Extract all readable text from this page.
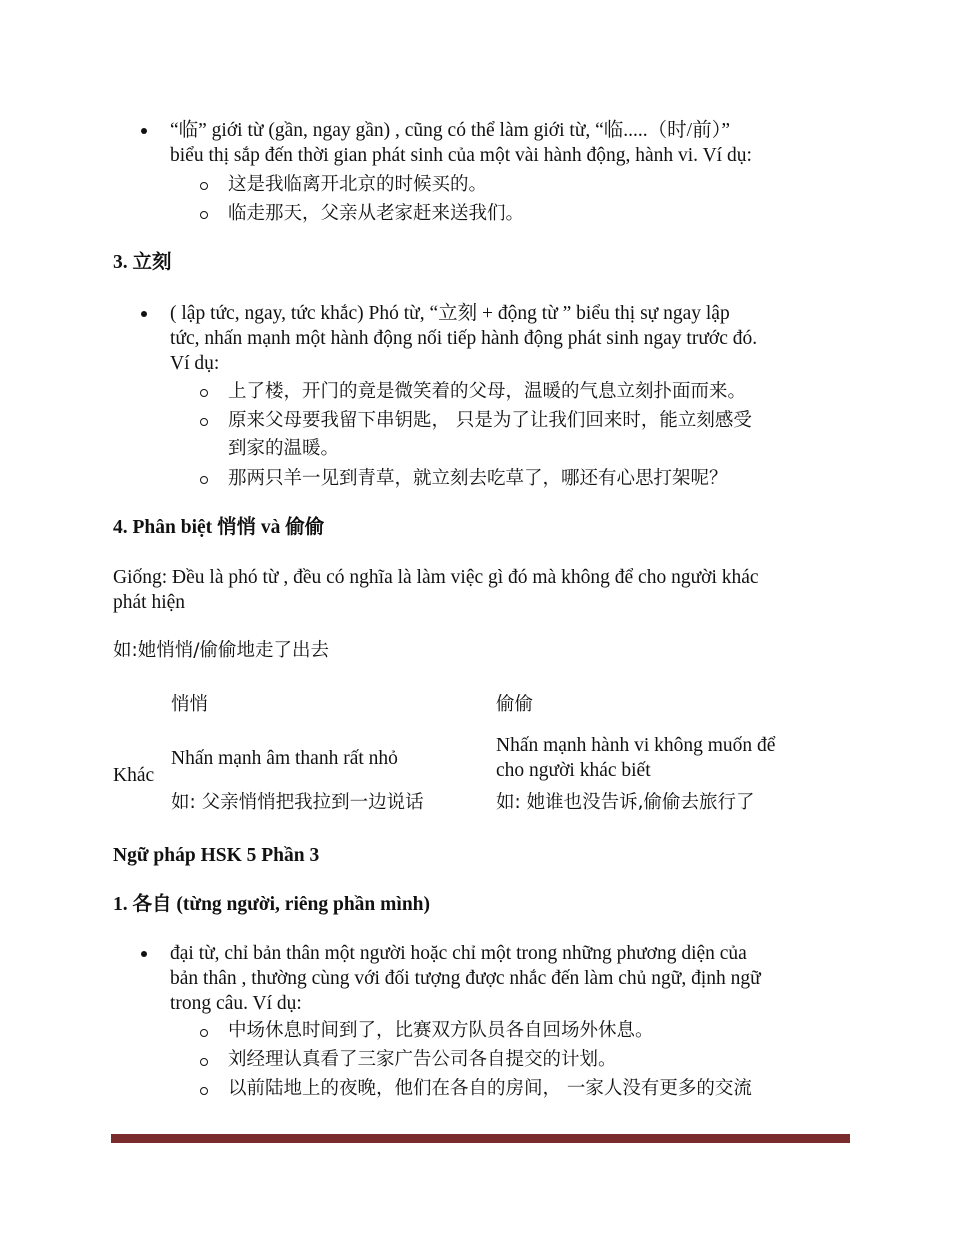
“临” giới từ (gần, ngay gần) , cũng có thể làm giới từ, “临.....（时/前）”
biểu thị sắp đến thời gian phát sinh của một vài hành động, hành vi. Ví dụ:
这是我临离开北京的时候买的。
临走那天，父亲从老家赶来送我们。
3. 立刻
( lập tức, ngay, tức khắc) Phó từ, “立刻 + động từ ” biểu thị sự ngay lập
tức, nhấn mạnh một hành động nối tiếp hành động phát sinh ngay trước đó.
Ví dụ:
上了楼，开门的竟是微笑着的父母，温暖的气息立刻扑面而来。
原来父母要我留下串钥匙， 只是为了让我们回来时，能立刻感受
到家的温暖。
那两只羊一见到青草，就立刻去吃草了，哪还有心思打架呢？
4. Phân biệt 悄悄 và 偷偷
Giống: Đều là phó từ , đều có nghĩa là làm việc gì đó mà không để cho người khác
phát hiện
如:她悄悄/偷偷地走了出去
悄悄	偷偷
Khác
Nhấn mạnh âm thanh rất nhỏ
Nhấn mạnh hành vi không muốn để
cho người khác biết
如: 父亲悄悄把我拉到一边说话	如: 她谁也没告诉,偷偷去旅行了
Ngữ pháp HSK 5 Phần 3
1. 各自 (từng người, riêng phần mình)
đại từ, chỉ bản thân một người hoặc chỉ một trong những phương diện của
bản thân , thường cùng với đối tượng được nhắc đến làm chủ ngữ, định ngữ
trong câu. Ví dụ:
中场休息时间到了，比赛双方队员各自回场外休息。
刘经理认真看了三家广告公司各自提交的计划。
以前陆地上的夜晚，他们在各自的房间， 一家人没有更多的交流
